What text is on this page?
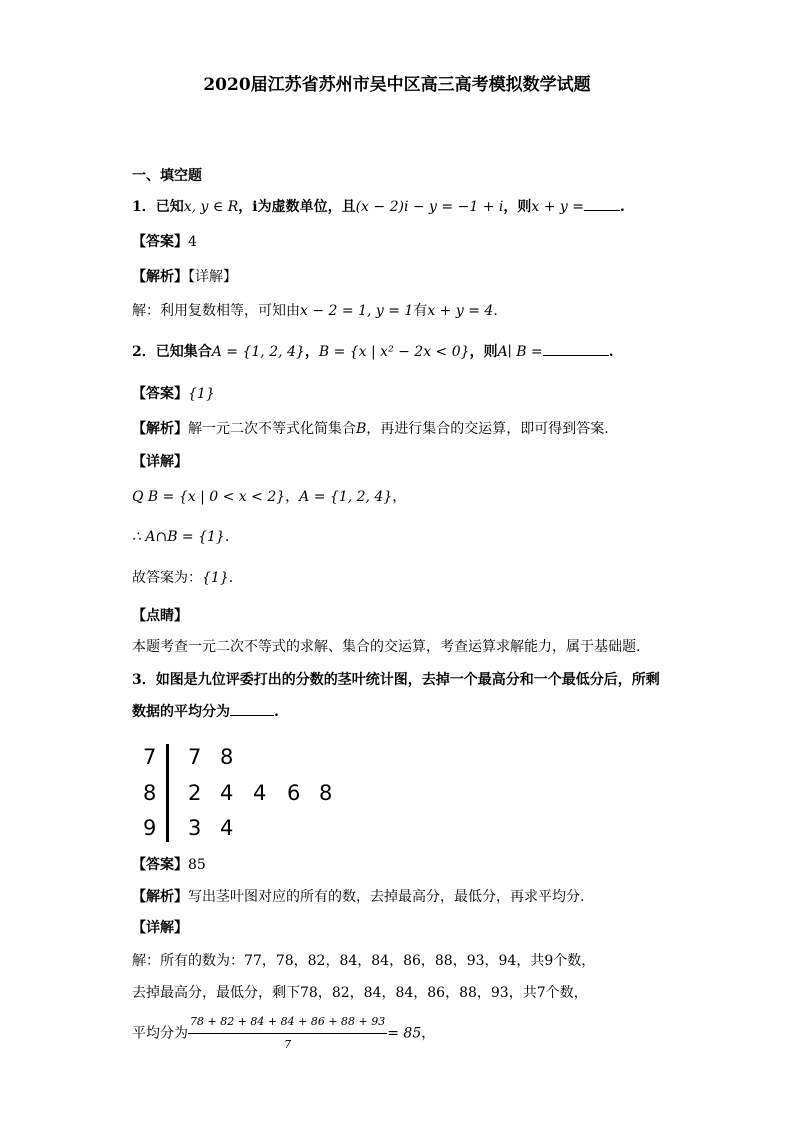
2020届江苏省苏州市吴中区高三高考模拟数学试题
一、填空题
1．已知x, y ∈ R，i为虚数单位，且(x − 2)i − y = −1 + i，则x + y =	.
【答案】4
【解析】【详解】
解：利用复数相等，可知由x − 2 = 1, y = 1有x + y = 4.
2．已知集合A = {1, 2, 4}，B = {x | x² − 2x < 0}，则A∣ B =	.
【答案】{1}
【解析】解一元二次不等式化简集合B，再进行集合的交运算，即可得到答案.
【详解】
Q B = {x | 0 < x < 2}，A = {1, 2, 4}，
∴ A∩B = {1}.
故答案为：{1}.
【点睛】
本题考查一元二次不等式的求解、集合的交运算，考查运算求解能力，属于基础题.
3．如图是九位评委打出的分数的茎叶统计图，去掉一个最高分和一个最低分后，所剩
数据的平均分为	.
7 7 8
8 2 4 4 6 8
9 3 4
【答案】85
【解析】写出茎叶图对应的所有的数，去掉最高分，最低分，再求平均分.
【详解】
解：所有的数为：77，78，82，84，84，86，88，93，94，共9个数，
去掉最高分，最低分，剩下78，82，84，84，86，88，93，共7个数，
平均分为 $\frac{78 + 82 + 84 + 84 + 86 + 88 + 93}{7} = 85$，
